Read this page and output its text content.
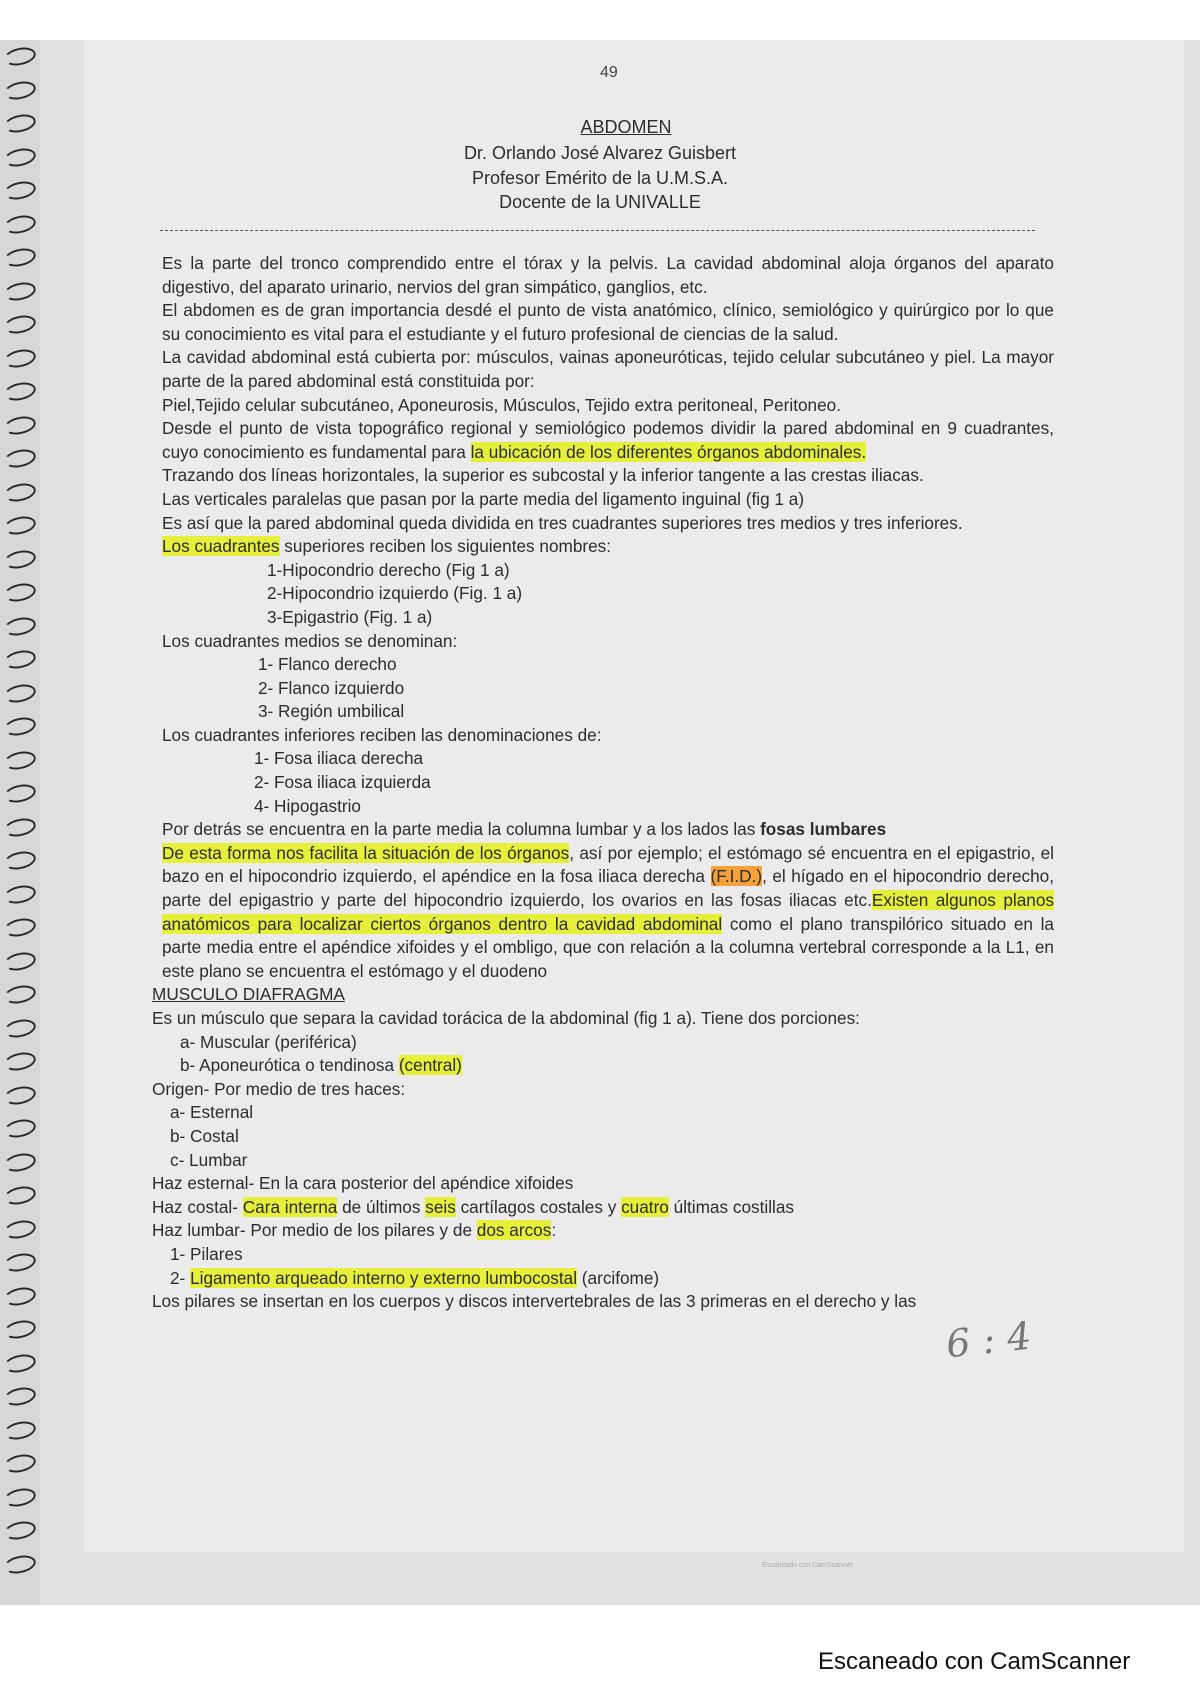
49
ABDOMEN
Dr. Orlando José Alvarez Guisbert
Profesor Emérito de la U.M.S.A.
Docente de la UNIVALLE

Es la parte del tronco comprendido entre el tórax y la pelvis. La cavidad abdominal aloja órganos del aparato digestivo, del aparato urinario, nervios del gran simpático, ganglios, etc.

El abdomen es de gran importancia desdé el punto de vista anatómico, clínico, semiológico y quirúrgico por lo que su conocimiento es vital para el estudiante y el futuro profesional de ciencias de la salud.

La cavidad abdominal está cubierta por: músculos, vainas aponeuróticas, tejido celular subcutáneo y piel. La mayor parte de la pared abdominal está constituida por:

Piel,Tejido celular subcutáneo, Aponeurosis, Músculos, Tejido extra peritoneal, Peritoneo.

Desde el punto de vista topográfico regional y semiológico podemos dividir la pared abdominal en 9 cuadrantes, cuyo conocimiento es fundamental para la ubicación de los diferentes órganos abdominales.

Trazando dos líneas horizontales, la superior es subcostal y la inferior tangente a las crestas iliacas.

Las verticales paralelas que pasan por la parte media del ligamento inguinal (fig 1 a)

Es así que la pared abdominal queda dividida en tres cuadrantes superiores tres medios y tres inferiores.

Los cuadrantes superiores reciben los siguientes nombres:

1-Hipocondrio derecho (Fig 1 a)

2-Hipocondrio izquierdo (Fig. 1 a)

3-Epigastrio (Fig. 1 a)

Los cuadrantes medios se denominan:

1- Flanco derecho

2- Flanco izquierdo

3- Región umbilical

Los cuadrantes inferiores reciben las denominaciones de:

1- Fosa iliaca derecha

2- Fosa iliaca izquierda

4- Hipogastrio

Por detrás se encuentra en la parte media la columna lumbar y a los lados las fosas lumbares

De esta forma nos facilita la situación de los órganos, así por ejemplo; el estómago sé encuentra en el epigastrio, el bazo en el hipocondrio izquierdo, el apéndice en la fosa iliaca derecha (F.I.D.), el hígado en el hipocondrio derecho, parte del epigastrio y parte del hipocondrio izquierdo, los ovarios en las fosas iliacas etc.Existen algunos planos anatómicos para localizar ciertos órganos dentro la cavidad abdominal como el plano transpilórico situado en la parte media entre el apéndice xifoides y el ombligo, que con relación a la columna vertebral corresponde a la L1, en este plano se encuentra el estómago y el duodeno

MUSCULO DIAFRAGMA

Es un músculo que separa la cavidad torácica de la abdominal (fig 1 a). Tiene dos porciones:

a- Muscular (periférica)

b- Aponeurótica o tendinosa (central)

Origen- Por medio de tres haces:

a- Esternal

b- Costal

c- Lumbar

Haz esternal- En la cara posterior del apéndice xifoides

Haz costal- Cara interna de últimos seis cartílagos costales y cuatro últimas costillas

Haz lumbar- Por medio de los pilares y de dos arcos:

1- Pilares

2- Ligamento arqueado interno y externo lumbocostal (arcifome)

Los pilares se insertan en los cuerpos y discos intervertebrales de las 3 primeras en el derecho y las

6 : 4
Escaneado con CamScanner
Escaneado con CamScanner
